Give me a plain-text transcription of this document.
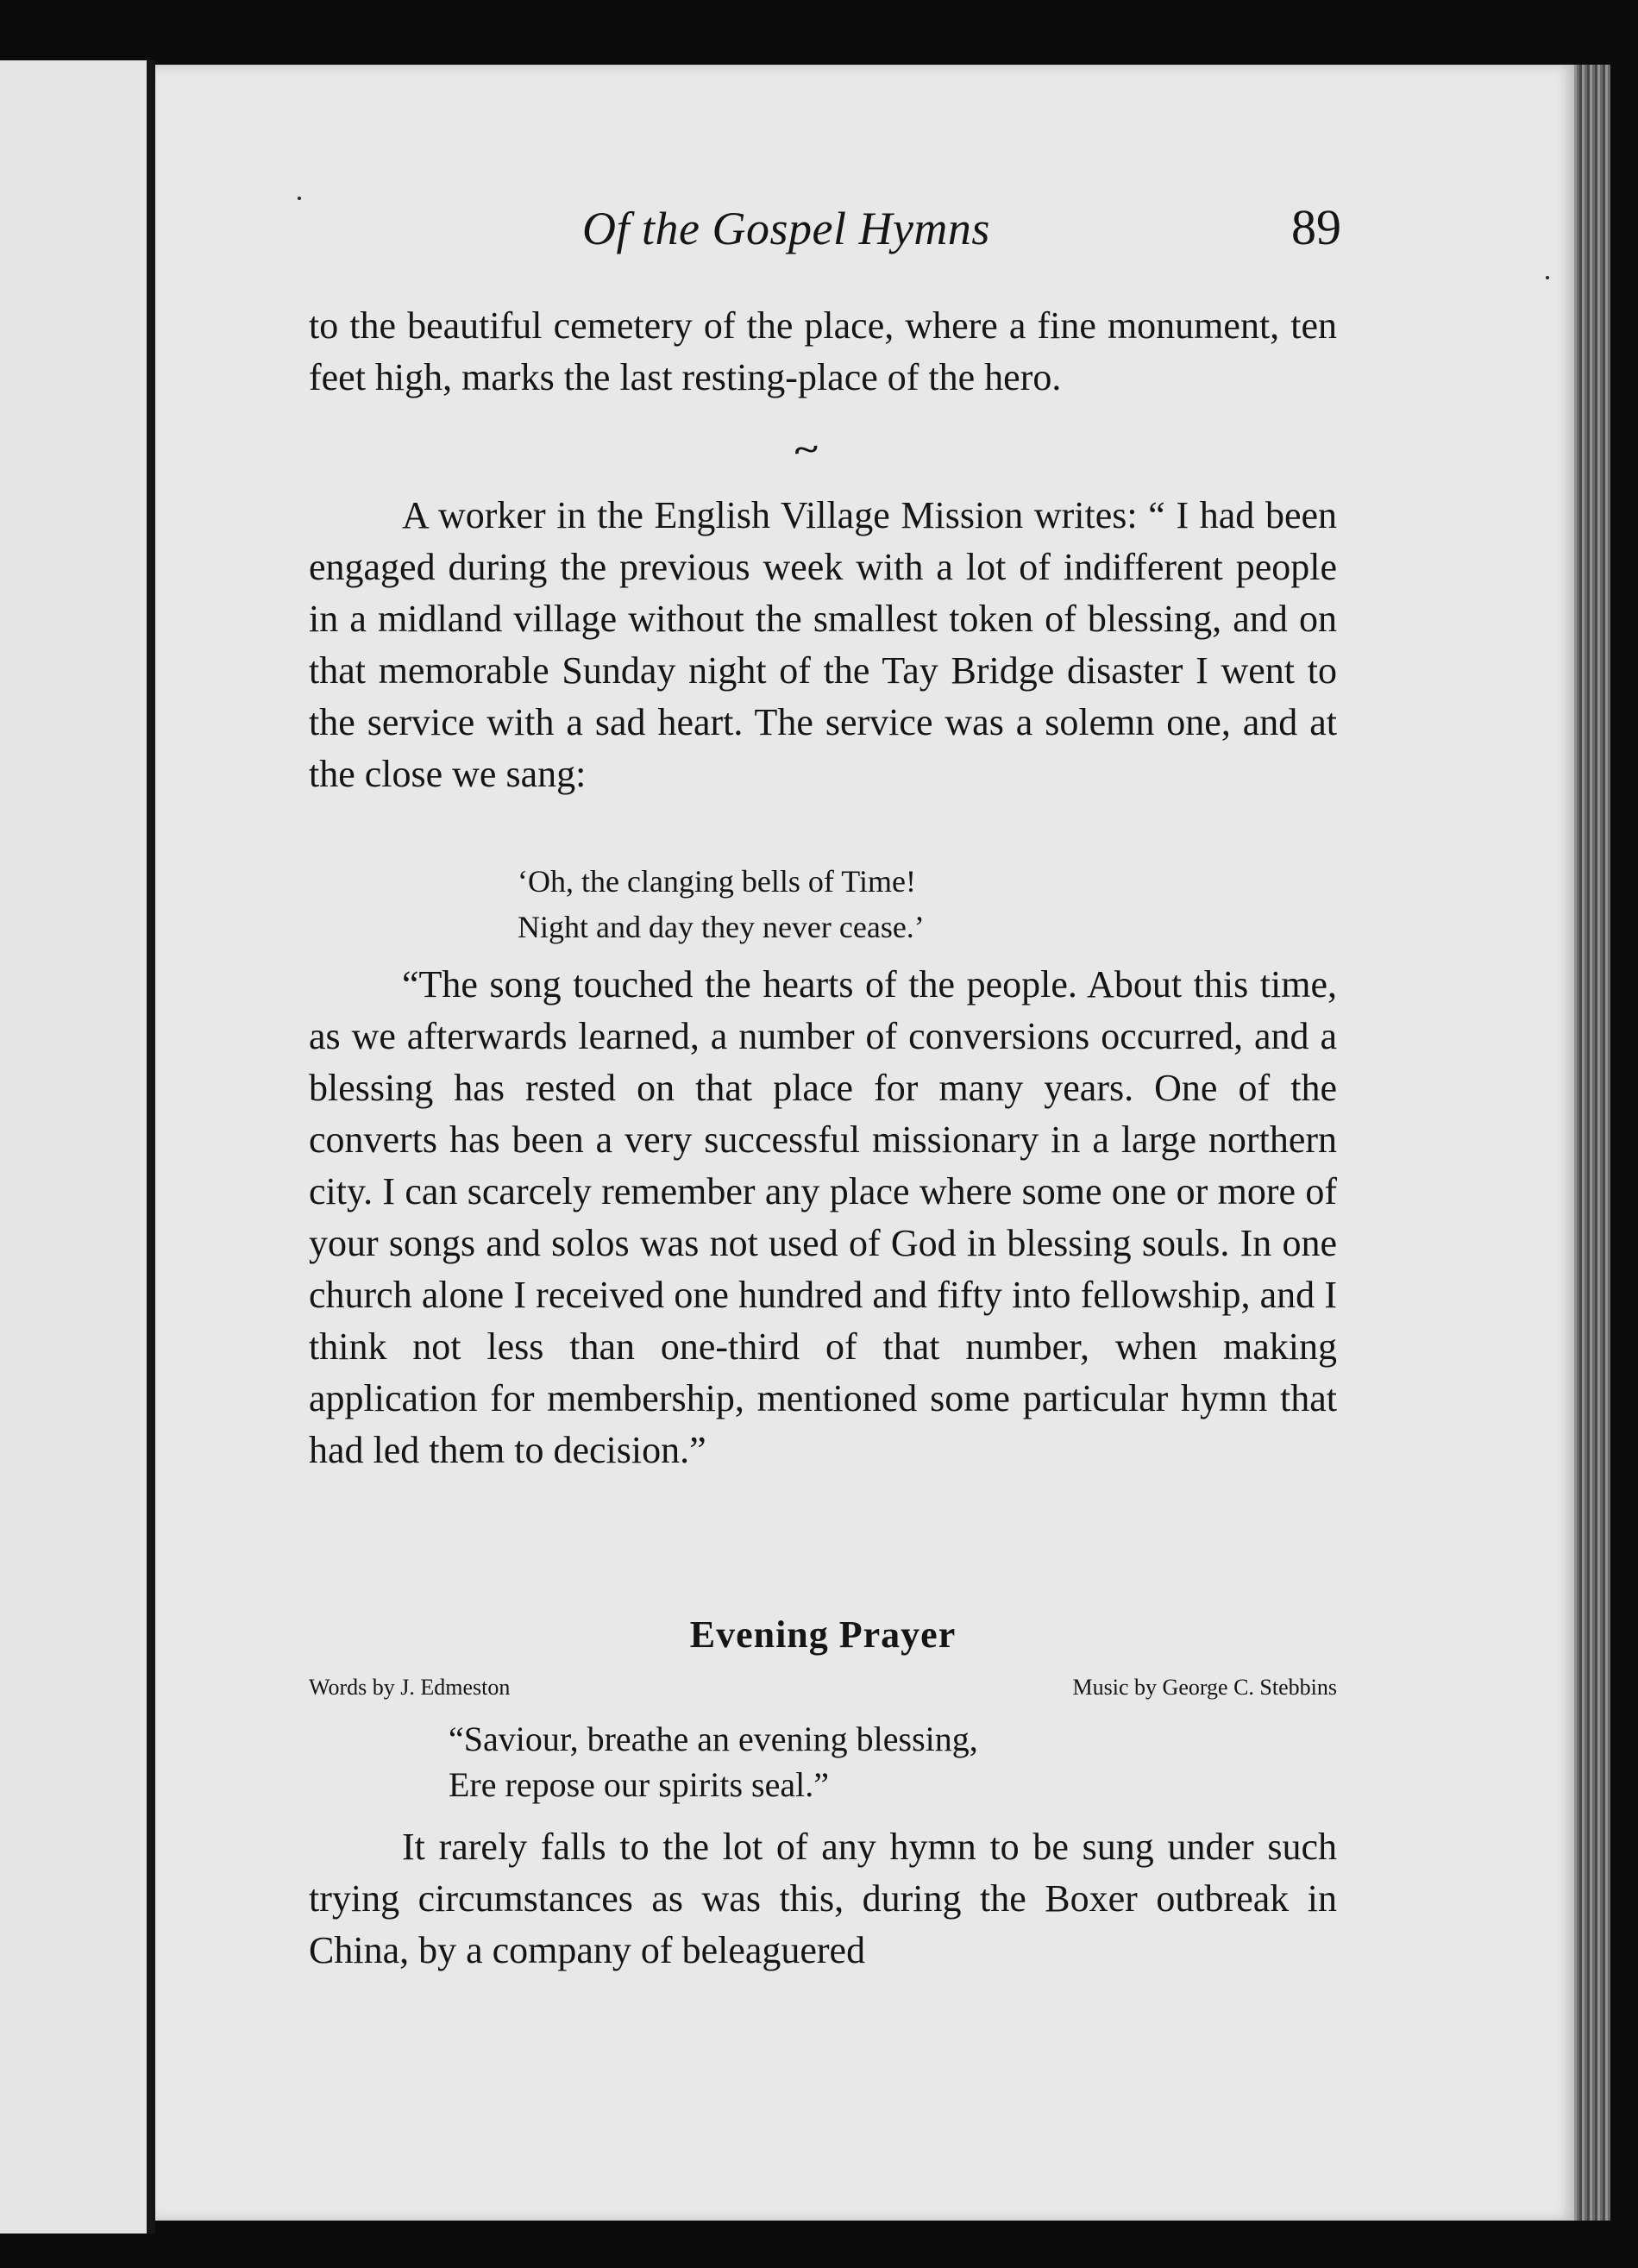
Of the Gospel Hymns	89

to the beautiful cemetery of the place, where a fine monument, ten feet high, marks the last resting-place of the hero.

~

A worker in the English Village Mission writes: “ I had been engaged during the previous week with a lot of indifferent people in a midland village without the smallest token of blessing, and on that memorable Sunday night of the Tay Bridge disaster I went to the service with a sad heart. The service was a solemn one, and at the close we sang:

‘Oh, the clanging bells of Time!
Night and day they never cease.’

“The song touched the hearts of the people. About this time, as we afterwards learned, a number of conversions occurred, and a blessing has rested on that place for many years. One of the converts has been a very successful missionary in a large northern city. I can scarcely remember any place where some one or more of your songs and solos was not used of God in blessing souls. In one church alone I received one hundred and fifty into fellowship, and I think not less than one-third of that number, when making application for membership, mentioned some particular hymn that had led them to decision.”

Evening Prayer
Words by J. Edmeston	Music by George C. Stebbins
“Saviour, breathe an evening blessing,
Ere repose our spirits seal.”

It rarely falls to the lot of any hymn to be sung under such trying circumstances as was this, during the Boxer outbreak in China, by a company of beleaguered
